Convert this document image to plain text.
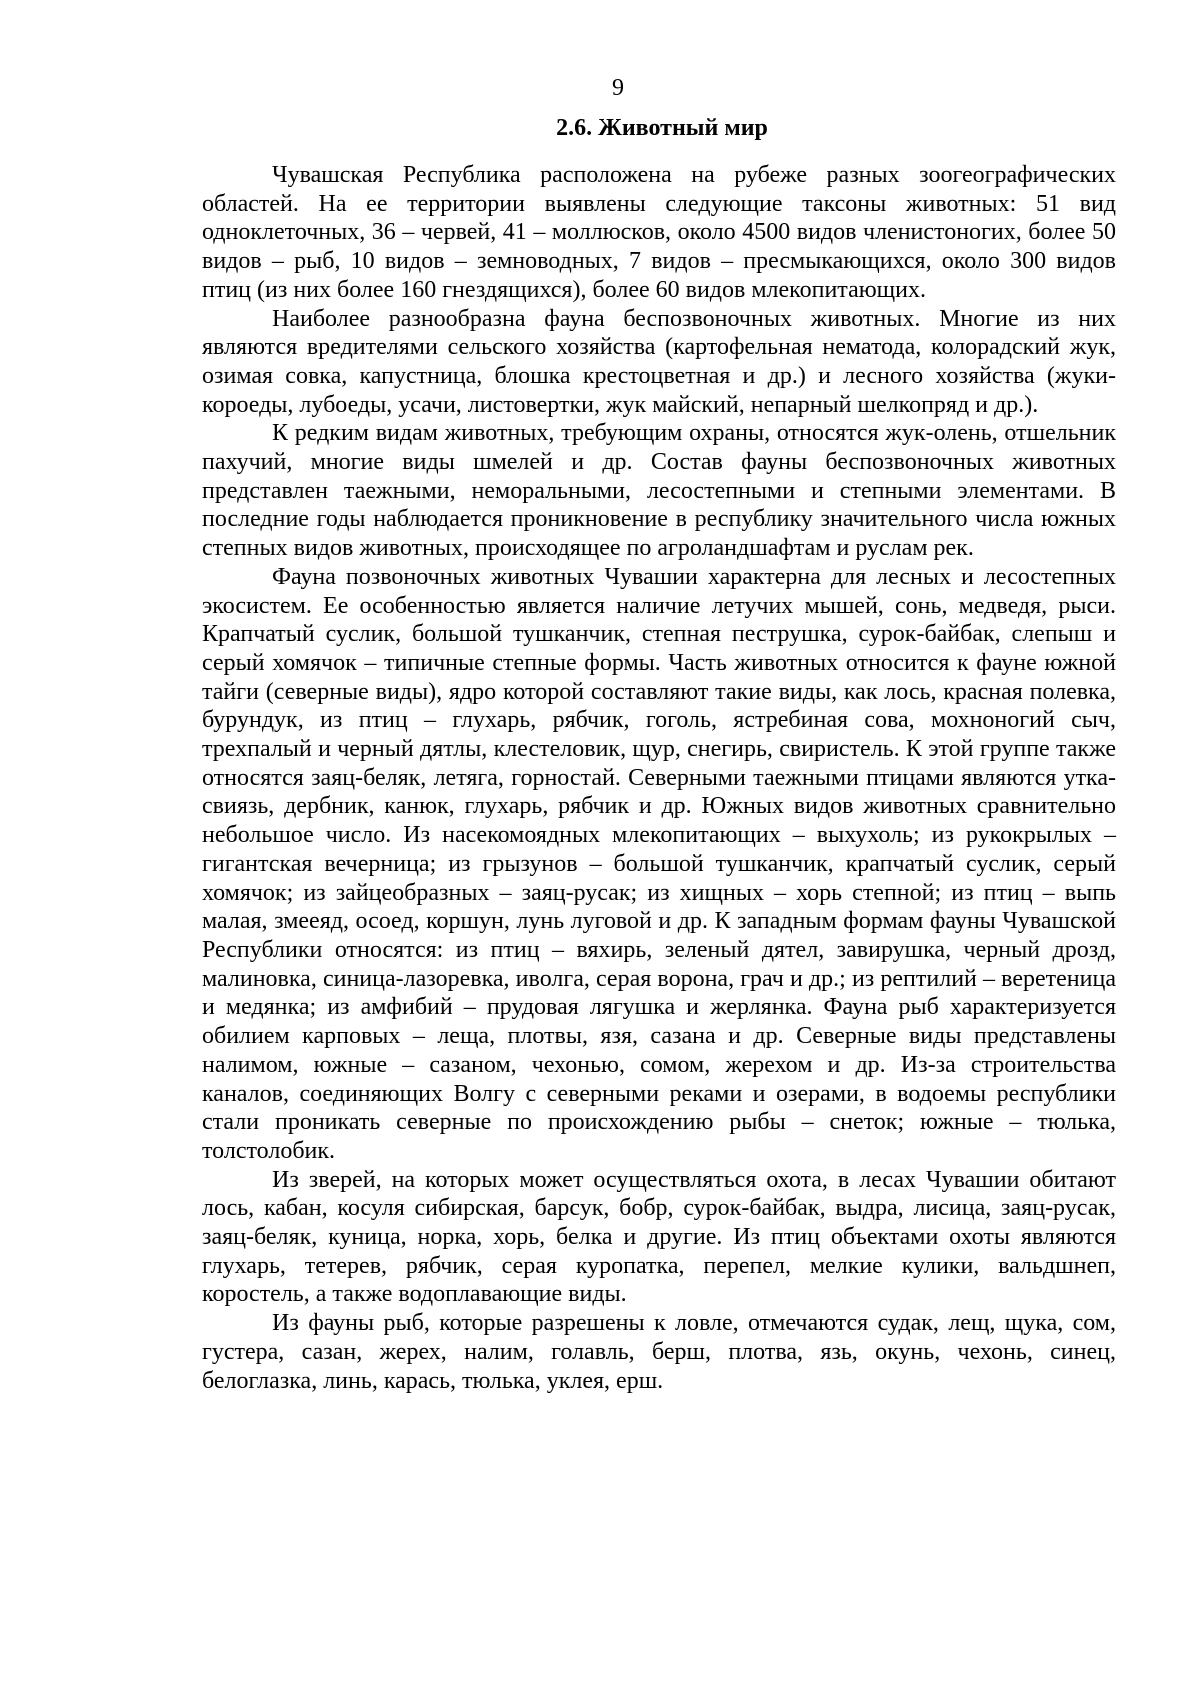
9
2.6. Животный мир

Чувашская Республика расположена на рубеже разных зоогеографических областей. На ее территории выявлены следующие таксоны животных: 51 вид одноклеточных, 36 – червей, 41 – моллюсков, около 4500 видов членистоногих, более 50 видов – рыб, 10 видов – земноводных, 7 видов – пресмыкающихся, около 300 видов птиц (из них более 160 гнездящихся), более 60 видов млекопитающих.

Наиболее разнообразна фауна беспозвоночных животных. Многие из них являются вредителями сельского хозяйства (картофельная нематода, колорадский жук, озимая совка, капустница, блошка крестоцветная и др.) и лесного хозяйства (жуки-короеды, лубоеды, усачи, листовертки, жук майский, непарный шелкопряд и др.).

К редким видам животных, требующим охраны, относятся жук-олень, отшельник пахучий, многие виды шмелей и др. Состав фауны беспозвоночных животных представлен таежными, неморальными, лесостепными и степными элементами. В последние годы наблюдается проникновение в республику значительного числа южных степных видов животных, происходящее по агроландшафтам и руслам рек.

Фауна позвоночных животных Чувашии характерна для лесных и лесостепных экосистем. Ее особенностью является наличие летучих мышей, сонь, медведя, рыси. Крапчатый суслик, большой тушканчик, степная пеструшка, сурок-байбак, слепыш и серый хомячок – типичные степные формы. Часть животных относится к фауне южной тайги (северные виды), ядро которой составляют такие виды, как лось, красная полевка, бурундук, из птиц – глухарь, рябчик, гоголь, ястребиная сова, мохноногий сыч, трехпалый и черный дятлы, клестеловик, щур, снегирь, свиристель. К этой группе также относятся заяц-беляк, летяга, горностай. Северными таежными птицами являются утка-свиязь, дербник, канюк, глухарь, рябчик и др. Южных видов животных сравнительно небольшое число. Из насекомоядных млекопитающих – выхухоль; из рукокрылых – гигантская вечерница; из грызунов – большой тушканчик, крапчатый суслик, серый хомячок; из зайцеобразных – заяц-русак; из хищных – хорь степной; из птиц – выпь малая, змееяд, осоед, коршун, лунь луговой и др. К западным формам фауны Чувашской Республики относятся: из птиц – вяхирь, зеленый дятел, завирушка, черный дрозд, малиновка, синица-лазоревка, иволга, серая ворона, грач и др.; из рептилий – веретеница и медянка; из амфибий – прудовая лягушка и жерлянка. Фауна рыб характеризуется обилием карповых – леща, плотвы, язя, сазана и др. Северные виды представлены налимом, южные – сазаном, чехонью, сомом, жерехом и др. Из-за строительства каналов, соединяющих Волгу с северными реками и озерами, в водоемы республики стали проникать северные по происхождению рыбы – снеток; южные – тюлька, толстолобик.

Из зверей, на которых может осуществляться охота, в лесах Чувашии обитают лось, кабан, косуля сибирская, барсук, бобр, сурок-байбак, выдра, лисица, заяц-русак, заяц-беляк, куница, норка, хорь, белка и другие. Из птиц объектами охоты являются глухарь, тетерев, рябчик, серая куропатка, перепел, мелкие кулики, вальдшнеп, коростель, а также водоплавающие виды.

Из фауны рыб, которые разрешены к ловле, отмечаются судак, лещ, щука, сом, густера, сазан, жерех, налим, голавль, берш, плотва, язь, окунь, чехонь, синец, белоглазка, линь, карась, тюлька, уклея, ерш.
